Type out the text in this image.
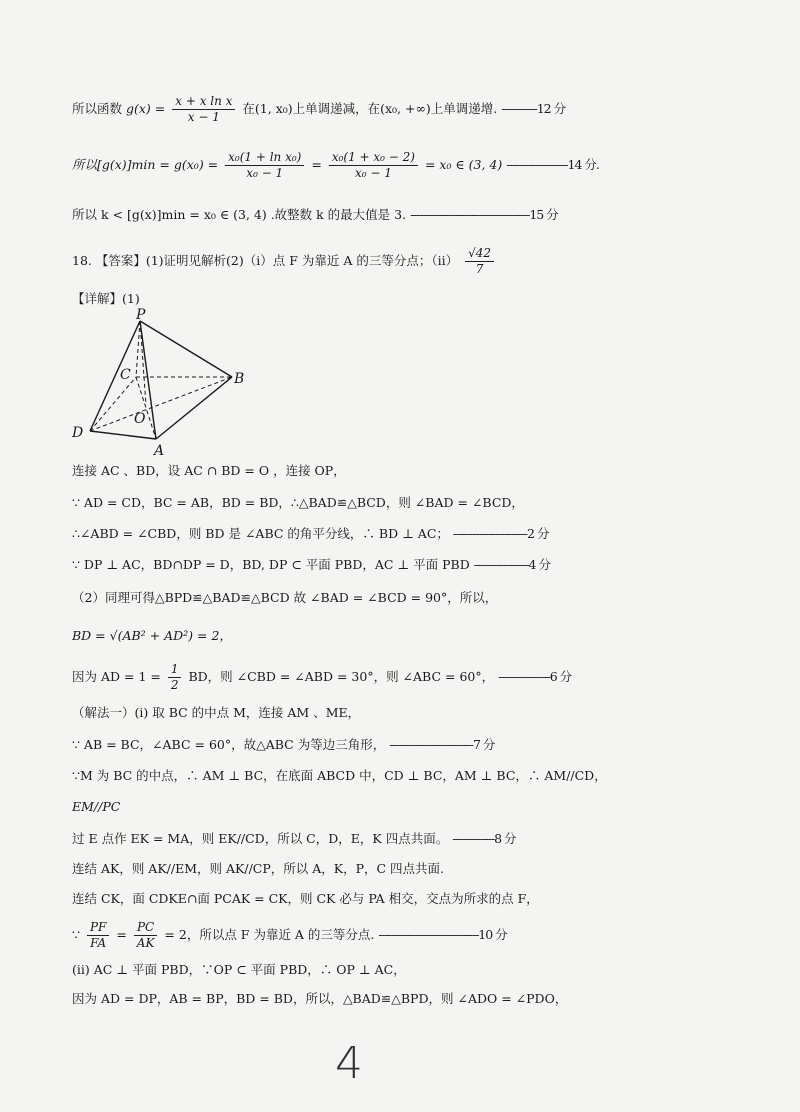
所以函数 $g(x) = \frac{\text{x + x ln x}}{x - 1}$ 在(1, x₀)上单调递减，在(x₀, +∞)上单调递增. -----------12 分
所以$[g(x)]\min = g(x_0) = \frac{\text{x₀(1 + ln x₀)}}{\text{x₀ − 1}} = \frac{\text{x₀(1 + x₀ − 2)}}{\text{x₀ − 1}} = x_0$ ∈ (3, 4) -------------------14 分.
所以 k < [g(x)]min = x₀ ∈ (3, 4) .故整数 k 的最大值是 3. -------------------------------------15 分
18. 【答案】(1)证明见解析(2)（i）点 F 为靠近 A 的三等分点；$(ii) \frac{√42}{7}$
【详解】(1)
P
B
C
O
D
A
连接 AC 、BD，设 AC ∩ BD = O ，连接 OP，
∵ AD = CD，BC = AB，BD = BD，∴△BAD≌△BCD，则 ∠BAD = ∠BCD，
∴∠ABD = ∠CBD，则 BD 是 ∠ABC 的角平分线，∴ BD ⊥ AC； -----------------------2 分
∵ DP ⊥ AC，BD∩DP = D，BD, DP ⊂ 平面 PBD，AC ⊥ 平面 PBD -----------------4 分
（2）同理可得△BPD≌△BAD≌△BCD 故 ∠BAD = ∠BCD = 90°，所以，
BD = √(AB² + AD²) = 2，
因为 AD = $1 = \frac{1}{2}$ BD，则 ∠CBD = ∠ABD = 30°，则 ∠ABC = 60°， ----------------6 分
（解法一）(i) 取 BC 的中点 M，连接 AM 、ME，
∵ AB = BC，∠ABC = 60°，故△ABC 为等边三角形， --------------------------7 分
∵M 为 BC 的中点，∴ AM ⊥ BC，在底面 ABCD 中，CD ⊥ BC，AM ⊥ BC，∴ AM//CD，
EM//PC
过 E 点作 EK = MA，则 EK//CD，所以 C，D，E，K 四点共面。 -------------8 分
连结 AK，则 AK//EM，则 AK//CP，所以 A，K，P，C 四点共面.
连结 CK，面 CDKE∩面 PCAK = CK，则 CK 必与 PA 相交，交点为所求的点 F，
∵ $\frac{PF}{FA} = \frac{PC}{AK} = 2$，所以点 F 为靠近 A 的三等分点. -------------------------------10 分
(ii) AC ⊥ 平面 PBD，∵OP ⊂ 平面 PBD，∴ OP ⊥ AC，
因为 AD = DP，AB = BP，BD = BD，所以，△BAD≌△BPD，则 ∠ADO = ∠PDO，
4
